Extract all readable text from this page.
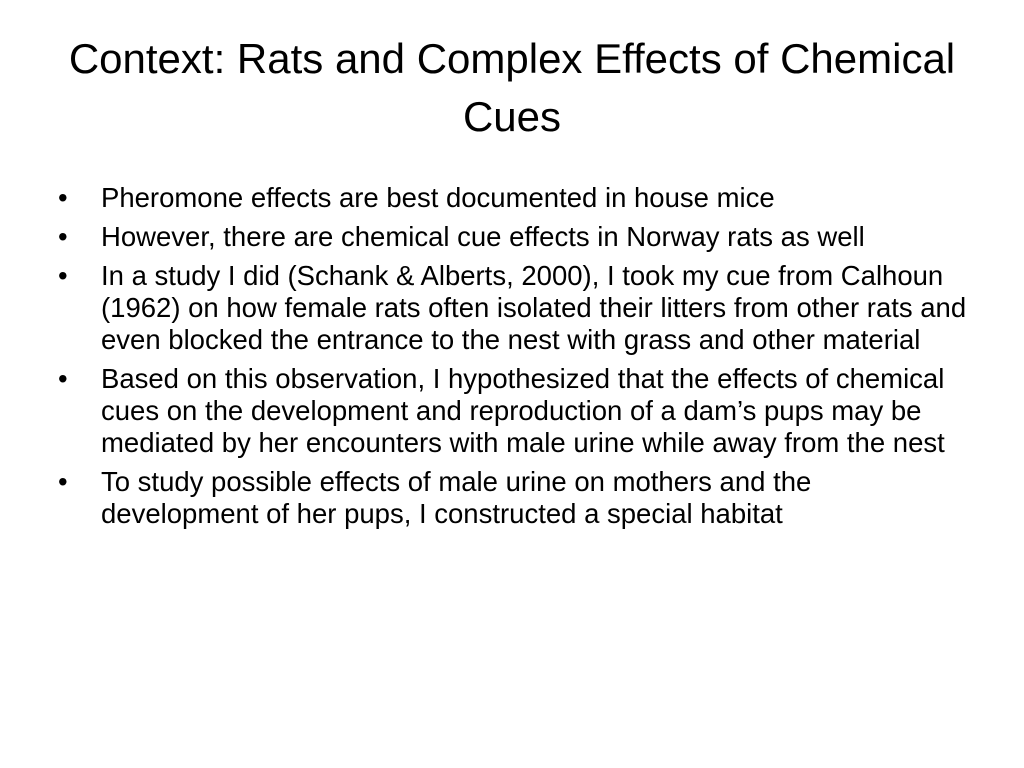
Context: Rats and Complex Effects of Chemical Cues
•	Pheromone effects are best documented in house mice
•	However, there are chemical cue effects in Norway rats as well
•	In a study I did (Schank & Alberts, 2000), I took my cue from Calhoun (1962) on how female rats often isolated their litters from other rats and even blocked the entrance to the nest with grass and other material
•	Based on this observation, I hypothesized that the effects of chemical cues on the development and reproduction of a dam’s pups may be mediated by her encounters with male urine while away from the nest
•	To study possible effects of male urine on mothers and the development of her pups, I constructed a special habitat
